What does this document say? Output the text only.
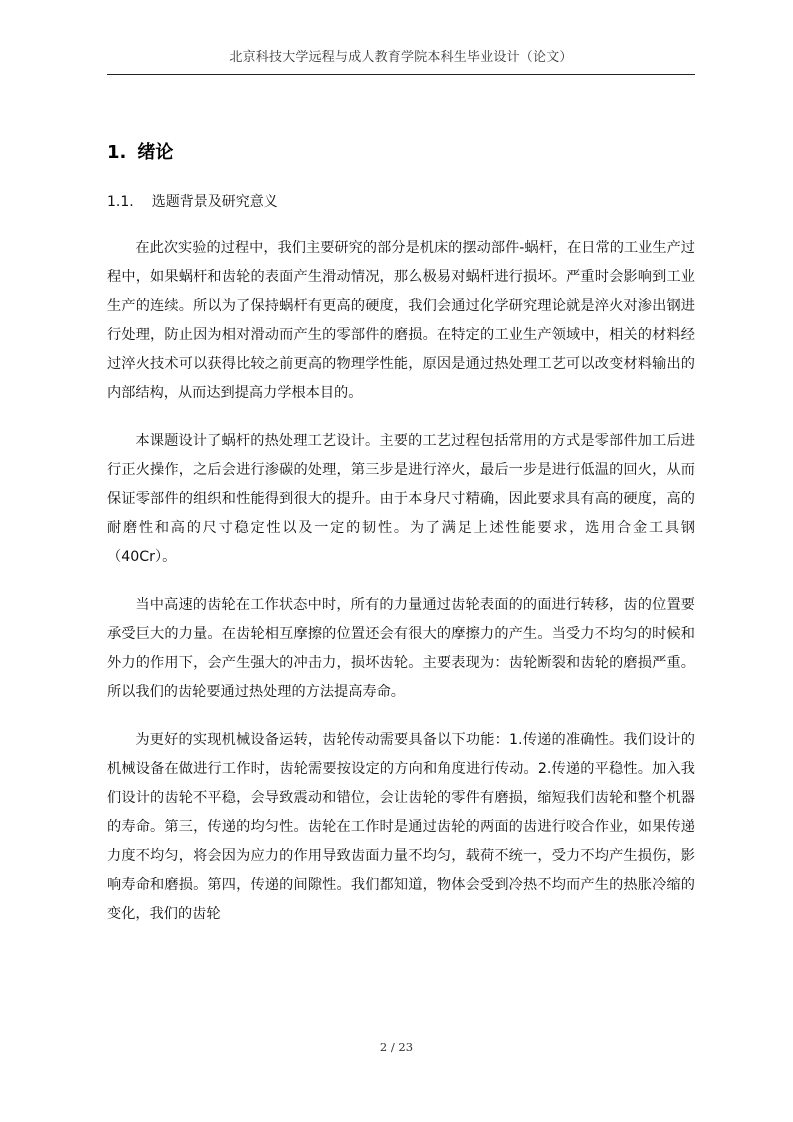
北京科技大学远程与成人教育学院本科生毕业设计（论文）
1. 绪论
1.1. 选题背景及研究意义

在此次实验的过程中，我们主要研究的部分是机床的摆动部件-蜗杆，在日常的工业生产过程中，如果蜗杆和齿轮的表面产生滑动情况，那么极易对蜗杆进行损坏。严重时会影响到工业生产的连续。所以为了保持蜗杆有更高的硬度，我们会通过化学研究理论就是淬火对渗出钢进行处理，防止因为相对滑动而产生的零部件的磨损。在特定的工业生产领域中，相关的材料经过淬火技术可以获得比较之前更高的物理学性能，原因是通过热处理工艺可以改变材料输出的内部结构，从而达到提高力学根本目的。

本课题设计了蜗杆的热处理工艺设计。主要的工艺过程包括常用的方式是零部件加工后进行正火操作，之后会进行渗碳的处理，第三步是进行淬火，最后一步是进行低温的回火，从而保证零部件的组织和性能得到很大的提升。由于本身尺寸精确，因此要求具有高的硬度，高的耐磨性和高的尺寸稳定性以及一定的韧性。为了满足上述性能要求，选用合金工具钢（40Cr）。

当中高速的齿轮在工作状态中时，所有的力量通过齿轮表面的的面进行转移，齿的位置要承受巨大的力量。在齿轮相互摩擦的位置还会有很大的摩擦力的产生。当受力不均匀的时候和外力的作用下，会产生强大的冲击力，损坏齿轮。主要表现为：齿轮断裂和齿轮的磨损严重。所以我们的齿轮要通过热处理的方法提高寿命。

为更好的实现机械设备运转，齿轮传动需要具备以下功能：1.传递的准确性。我们设计的机械设备在做进行工作时，齿轮需要按设定的方向和角度进行传动。2.传递的平稳性。加入我们设计的齿轮不平稳，会导致震动和错位，会让齿轮的零件有磨损，缩短我们齿轮和整个机器的寿命。第三，传递的均匀性。齿轮在工作时是通过齿轮的两面的齿进行咬合作业，如果传递力度不均匀，将会因为应力的作用导致齿面力量不均匀，载荷不统一，受力不均产生损伤，影响寿命和磨损。第四，传递的间隙性。我们都知道，物体会受到冷热不均而产生的热胀冷缩的变化，我们的齿轮

2 / 23
